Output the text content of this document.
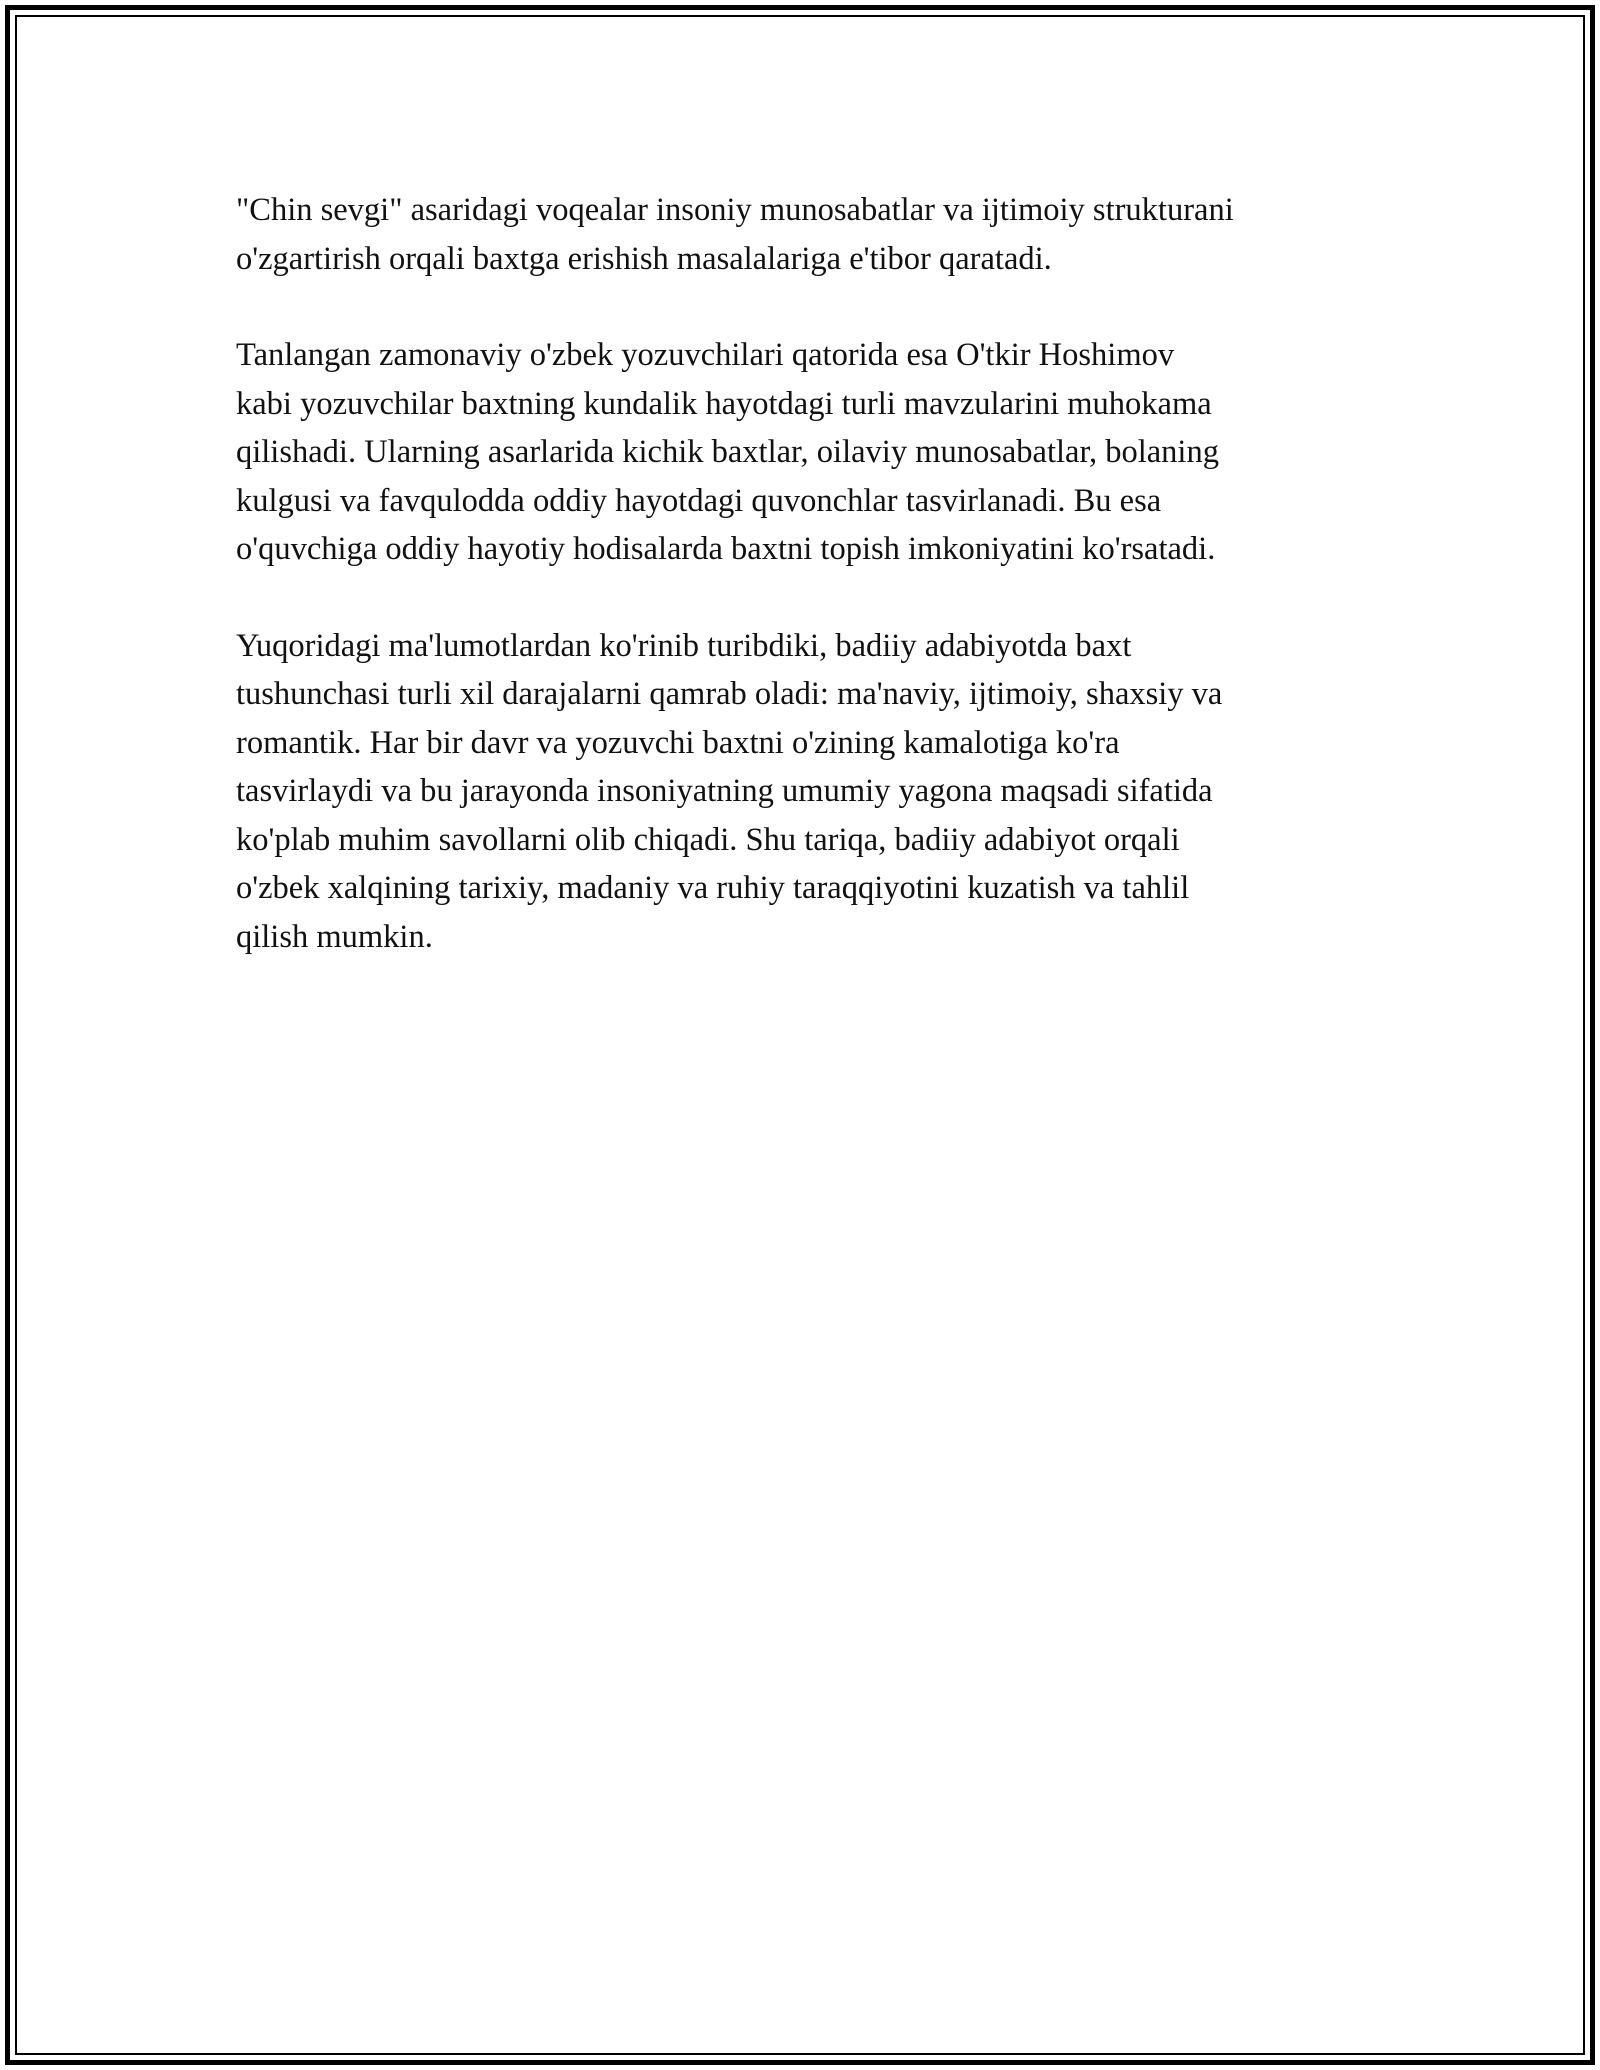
"Chin sevgi" asaridagi voqealar insoniy munosabatlar va ijtimoiy strukturani
o'zgartirish orqali baxtga erishish masalalariga e'tibor qaratadi.

Tanlangan zamonaviy o'zbek yozuvchilari qatorida esa O'tkir Hoshimov
kabi yozuvchilar baxtning kundalik hayotdagi turli mavzularini muhokama
qilishadi. Ularning asarlarida kichik baxtlar, oilaviy munosabatlar, bolaning
kulgusi va favqulodda oddiy hayotdagi quvonchlar tasvirlanadi. Bu esa
o'quvchiga oddiy hayotiy hodisalarda baxtni topish imkoniyatini ko'rsatadi.

Yuqoridagi ma'lumotlardan ko'rinib turibdiki, badiiy adabiyotda baxt
tushunchasi turli xil darajalarni qamrab oladi: ma'naviy, ijtimoiy, shaxsiy va
romantik. Har bir davr va yozuvchi baxtni o'zining kamalotiga ko'ra
tasvirlaydi va bu jarayonda insoniyatning umumiy yagona maqsadi sifatida
ko'plab muhim savollarni olib chiqadi. Shu tariqa, badiiy adabiyot orqali
o'zbek xalqining tarixiy, madaniy va ruhiy taraqqiyotini kuzatish va tahlil
qilish mumkin.
